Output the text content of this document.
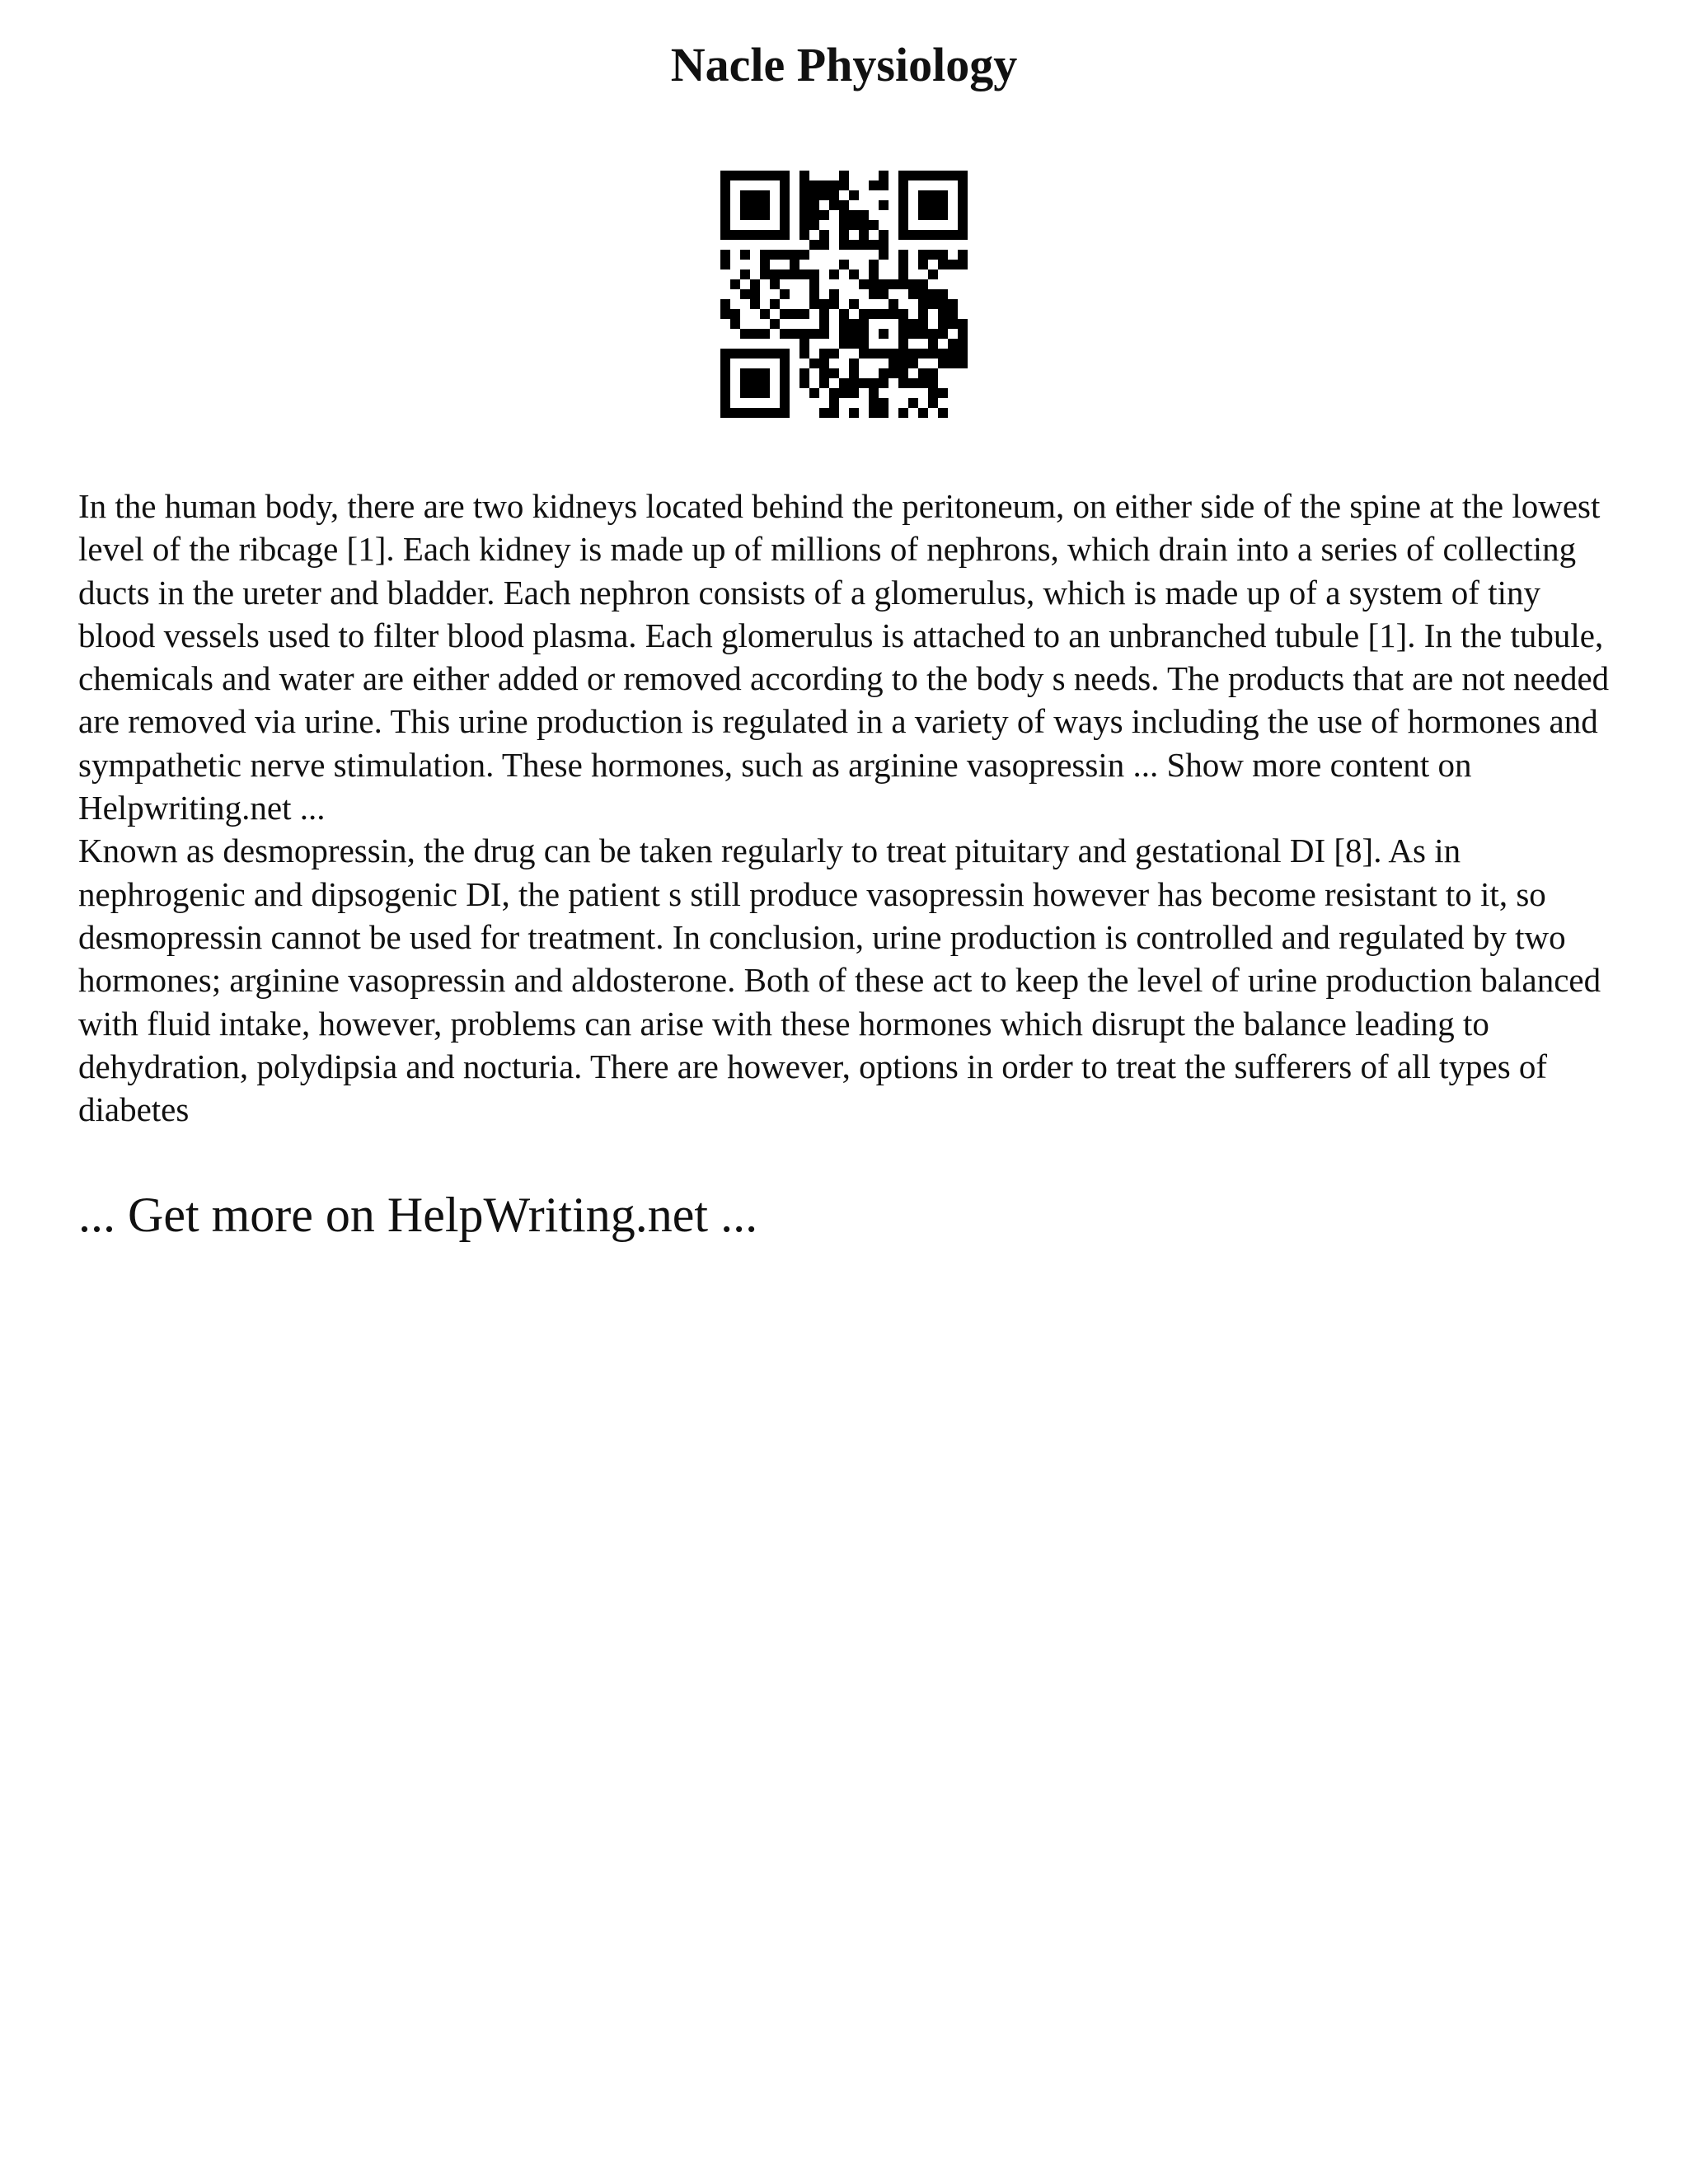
Nacle Physiology

In the human body, there are two kidneys located behind the peritoneum, on either side of the spine at the lowest level of the ribcage [1]. Each kidney is made up of millions of nephrons, which drain into a series of collecting ducts in the ureter and bladder. Each nephron consists of a glomerulus, which is made up of a system of tiny blood vessels used to filter blood plasma. Each glomerulus is attached to an unbranched tubule [1]. In the tubule, chemicals and water are either added or removed according to the body s needs. The products that are not needed are removed via urine. This urine production is regulated in a variety of ways including the use of hormones and sympathetic nerve stimulation. These hormones, such as arginine vasopressin ... Show more content on Helpwriting.net ...

Known as desmopressin, the drug can be taken regularly to treat pituitary and gestational DI [8]. As in nephrogenic and dipsogenic DI, the patient s still produce vasopressin however has become resistant to it, so desmopressin cannot be used for treatment. In conclusion, urine production is controlled and regulated by two hormones; arginine vasopressin and aldosterone. Both of these act to keep the level of urine production balanced with fluid intake, however, problems can arise with these hormones which disrupt the balance leading to dehydration, polydipsia and nocturia. There are however, options in order to treat the sufferers of all types of diabetes

... Get more on HelpWriting.net ...
